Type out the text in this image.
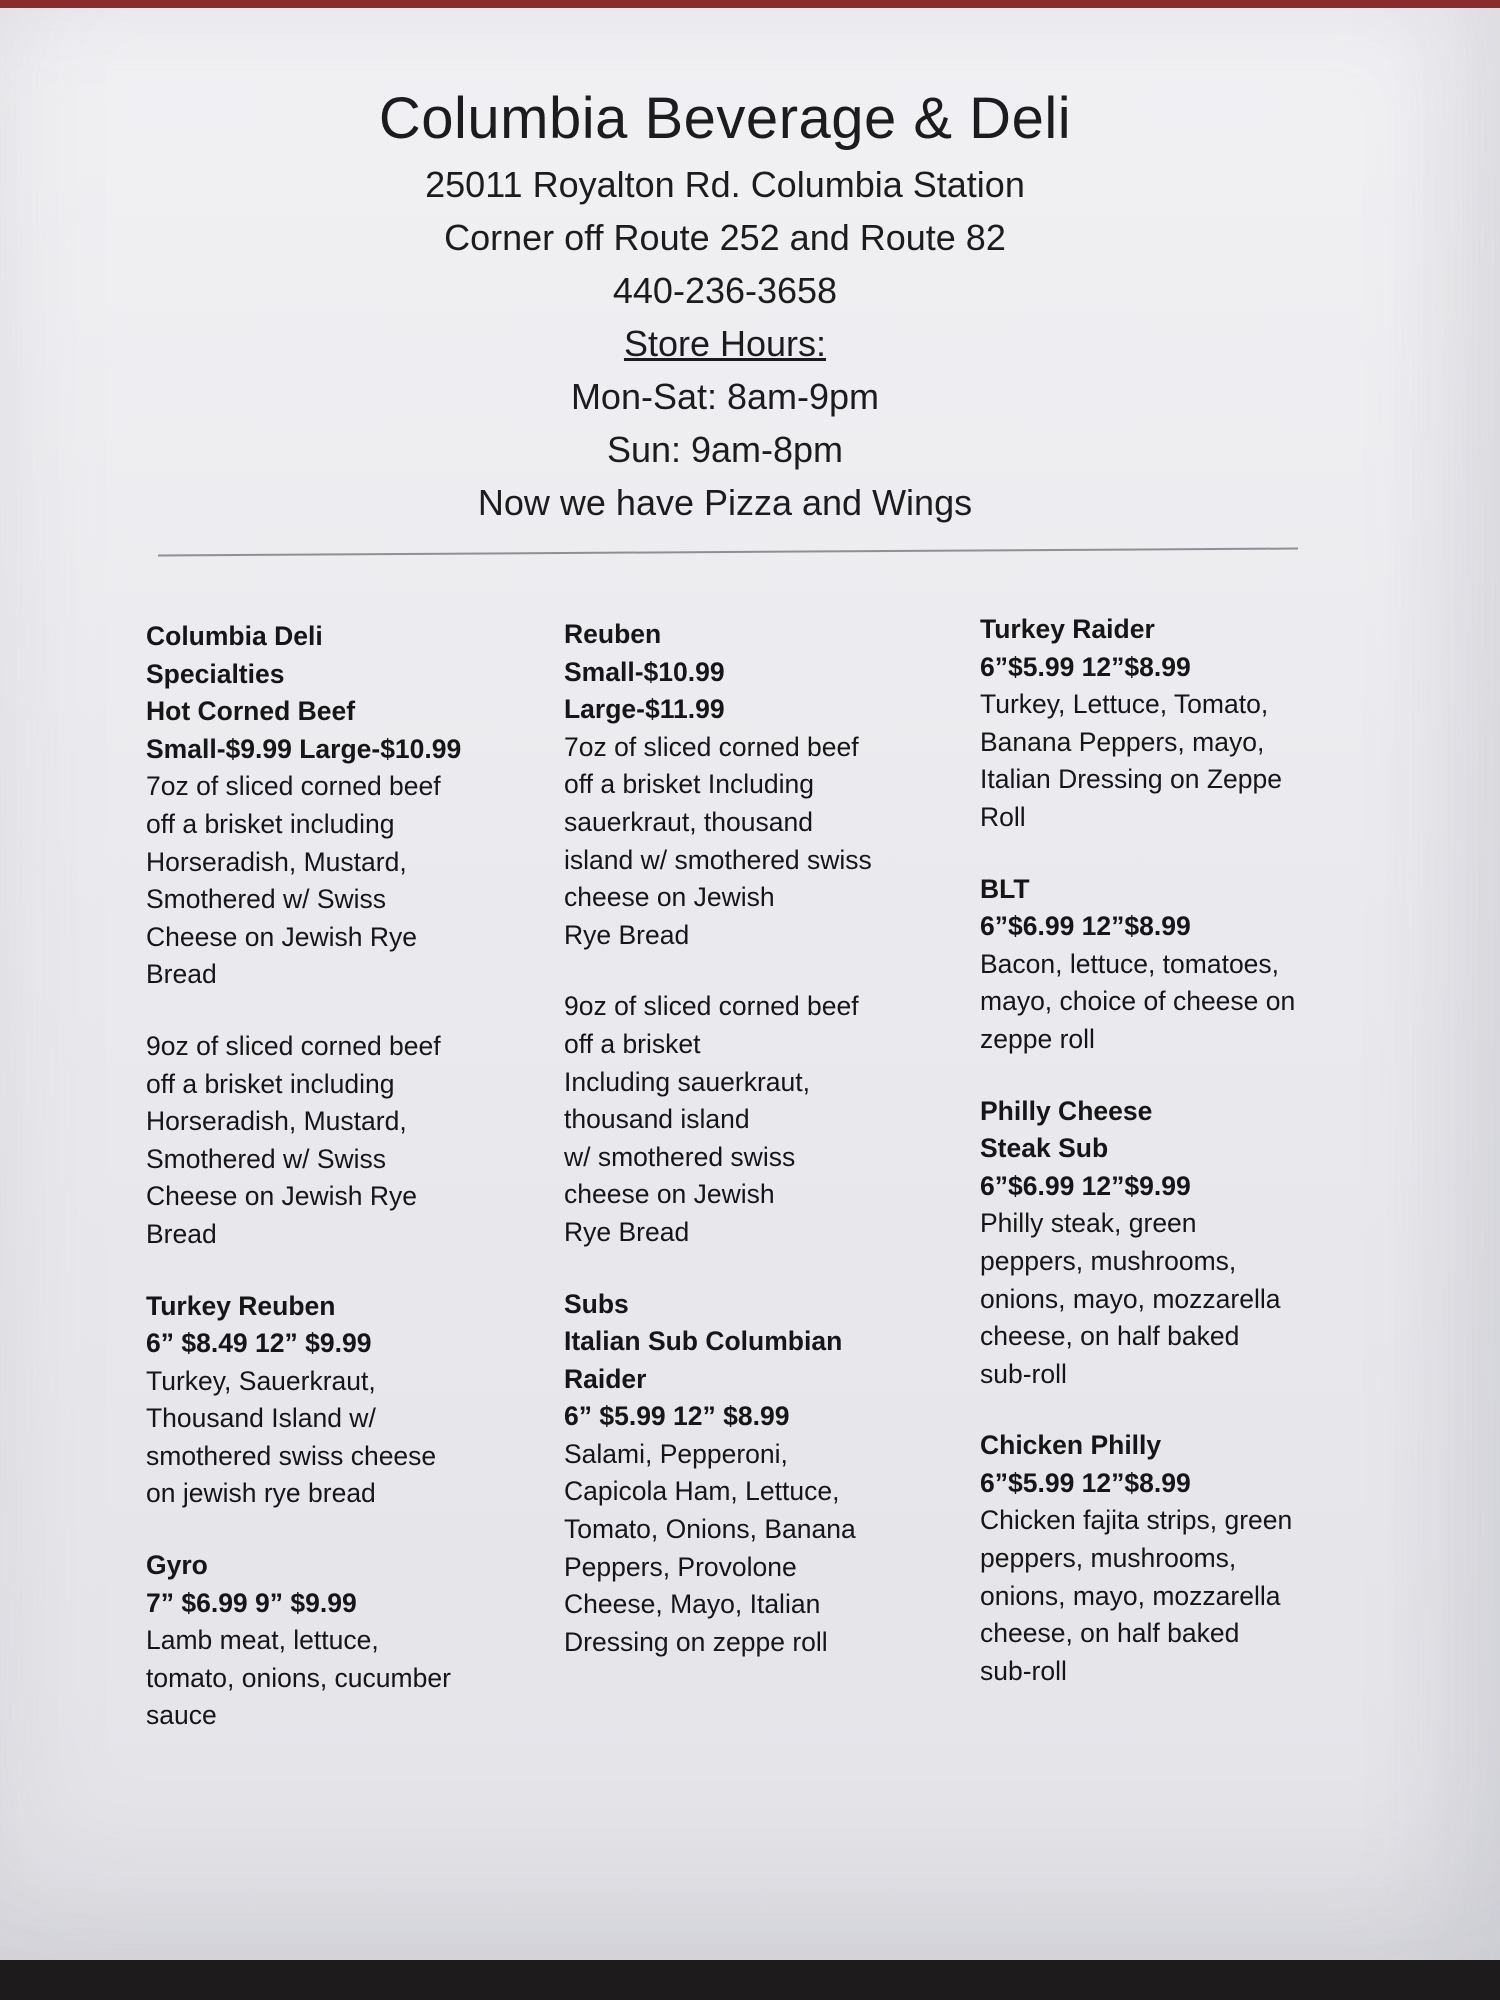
Columbia Beverage & Deli
25011 Royalton Rd. Columbia Station
Corner off Route 252 and Route 82
440-236-3658
Store Hours:
Mon-Sat: 8am-9pm
Sun: 9am-8pm
Now we have Pizza and Wings
Columbia Deli
Specialties
Hot Corned Beef
Small-$9.99 Large-$10.99
7oz of sliced corned beef
off a brisket including
Horseradish, Mustard,
Smothered w/ Swiss
Cheese on Jewish Rye
Bread
9oz of sliced corned beef
off a brisket including
Horseradish, Mustard,
Smothered w/ Swiss
Cheese on Jewish Rye
Bread
Turkey Reuben
6” $8.49 12” $9.99
Turkey, Sauerkraut,
Thousand Island w/
smothered swiss cheese
on jewish rye bread
Gyro
7” $6.99 9” $9.99
Lamb meat, lettuce,
tomato, onions, cucumber
sauce
Reuben
Small-$10.99
Large-$11.99
7oz of sliced corned beef
off a brisket Including
sauerkraut, thousand
island w/ smothered swiss
cheese on Jewish
Rye Bread
9oz of sliced corned beef
off a brisket
Including sauerkraut,
thousand island
w/ smothered swiss
cheese on Jewish
Rye Bread
Subs
Italian Sub Columbian
Raider
6” $5.99 12” $8.99
Salami, Pepperoni,
Capicola Ham, Lettuce,
Tomato, Onions, Banana
Peppers, Provolone
Cheese, Mayo, Italian
Dressing on zeppe roll
Turkey Raider
6”$5.99 12”$8.99
Turkey, Lettuce, Tomato,
Banana Peppers, mayo,
Italian Dressing on Zeppe
Roll
BLT
6”$6.99 12”$8.99
Bacon, lettuce, tomatoes,
mayo, choice of cheese on
zeppe roll
Philly Cheese
Steak Sub
6”$6.99 12”$9.99
Philly steak, green
peppers, mushrooms,
onions, mayo, mozzarella
cheese, on half baked
sub-roll
Chicken Philly
6”$5.99 12”$8.99
Chicken fajita strips, green
peppers, mushrooms,
onions, mayo, mozzarella
cheese, on half baked
sub-roll
